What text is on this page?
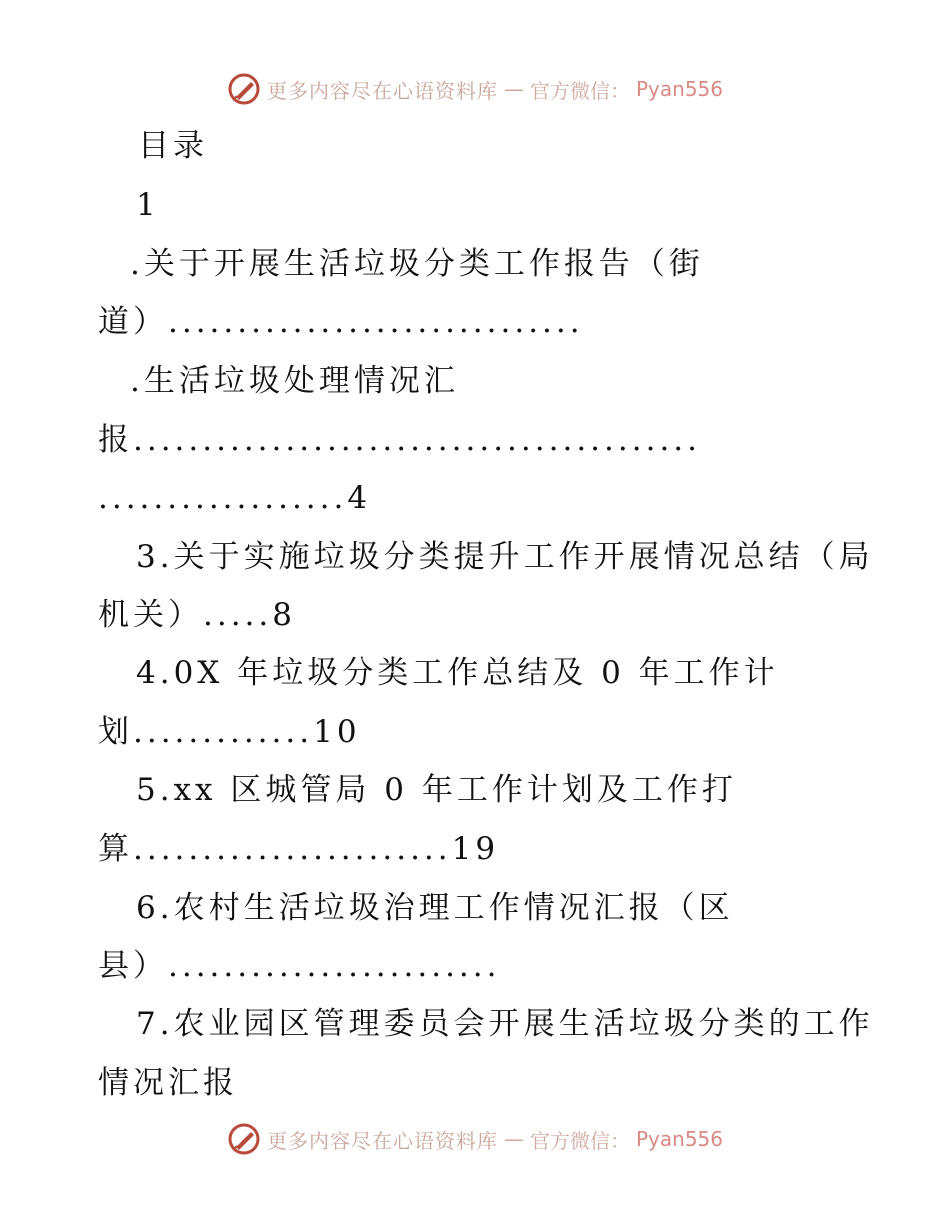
更多内容尽在心语资料库 — 官方微信： Pyan556
目录
1
.关于开展生活垃圾分类工作报告（街
道）..............................
.生活垃圾处理情况汇
报.........................................
..................4
3.关于实施垃圾分类提升工作开展情况总结（局
机关）.....8
4.0X 年垃圾分类工作总结及 0 年工作计
划.............10
5.xx 区城管局 0 年工作计划及工作打
算.......................19
6.农村生活垃圾治理工作情况汇报（区
县）........................
7.农业园区管理委员会开展生活垃圾分类的工作
情况汇报
更多内容尽在心语资料库 — 官方微信： Pyan556
